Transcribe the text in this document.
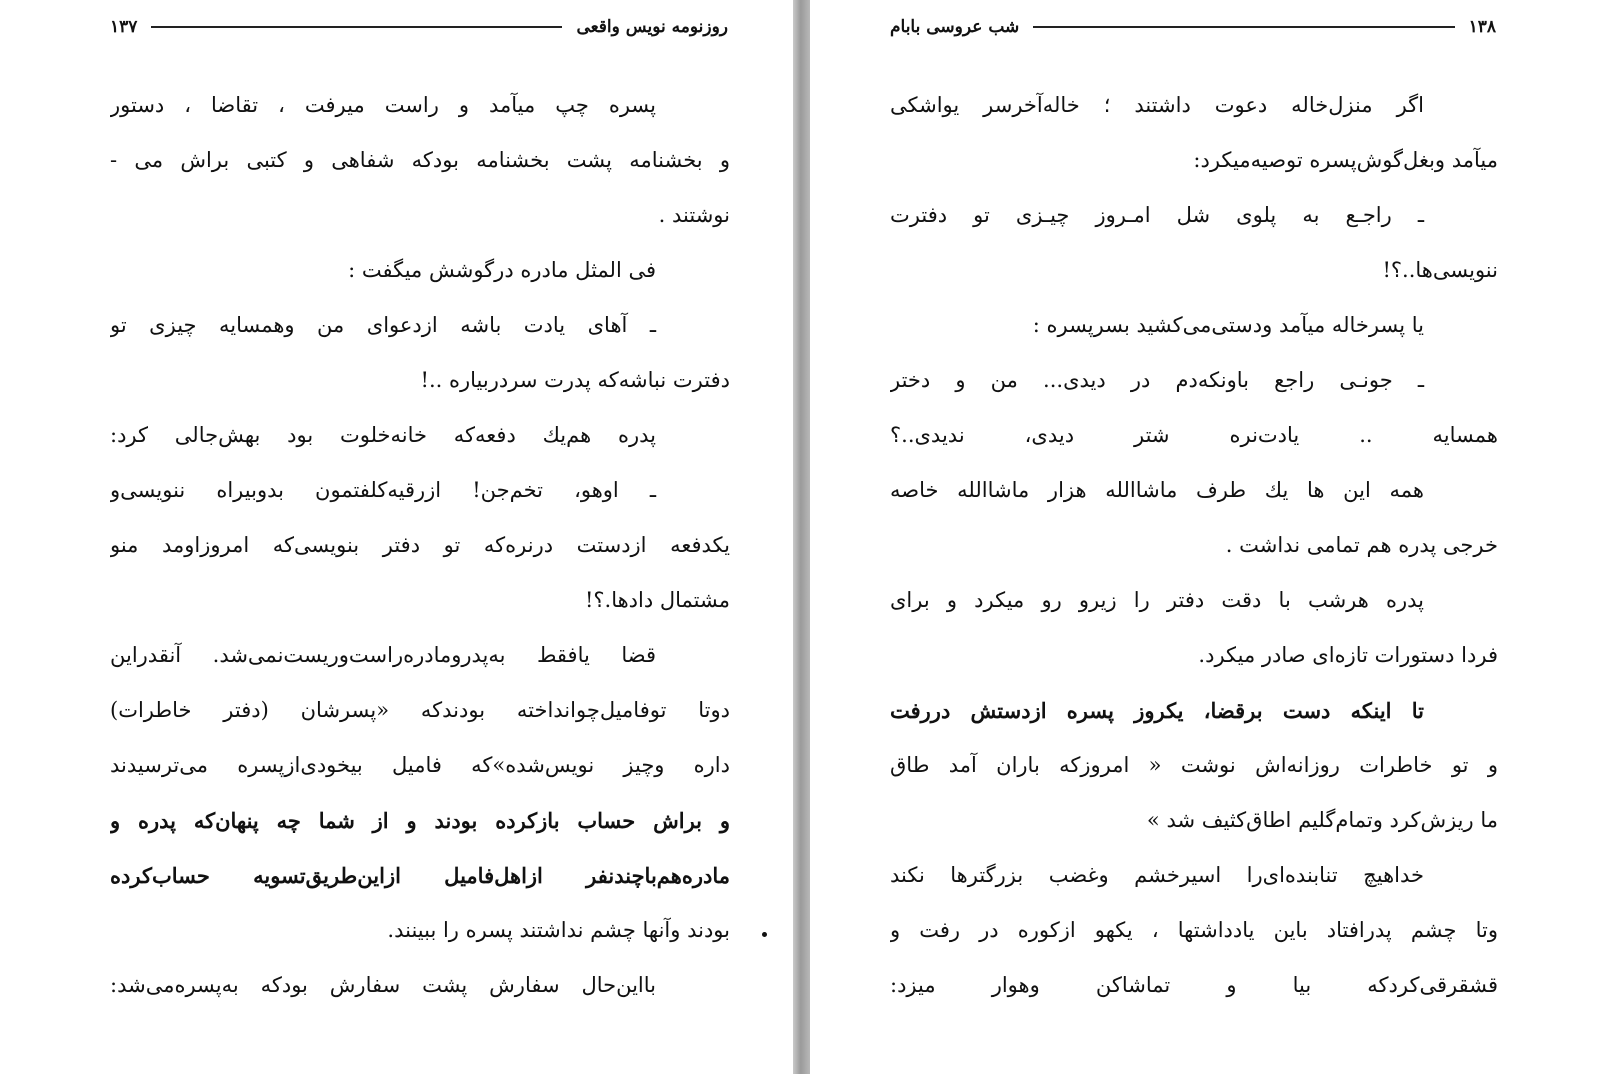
روزنومه نویس واقعی
۱۳۷
پسره چپ میآمد و راست میرفت ، تقاضا ، دستور
و بخشنامه پشت بخشنامه بودکه شفاهی و کتبی براش می -
نوشتند .
فی المثل مادره درگوشش میگفت :
ـ آهای یادت باشه ازدعوای من وهمسایه چیزی تو
دفترت نباشه‌که پدرت سردربیاره ..!
پدره هم‌یك دفعه‌که خانه‌خلوت بود بهش‌جالی کرد:
ـ اوهو، تخم‌جن! ازرقیه‌کلفتمون بدوبیراه ننویسی‌و
یکدفعه ازدستت درنره‌که تو دفتر بنویسی‌که امروزاومد منو
مشتمال دادها.؟!
قضا یافقط به‌پدرومادره‌راست‌وریست‌نمی‌شد. آنقدراین
دوتا توفامیل‌چوانداخته بودند‌که «پسرشان (دفتر خاطرات)
داره وچیز نویس‌شده»‌که فامیل بیخودی‌ازپسره می‌ترسیدند
و براش حساب بازکرده بودند و از شما چه پنهان‌که پدره و
مادره‌هم‌باچندنفر ازاهل‌فامیل ازاین‌طریق‌تسویه حساب‌کرده
بودند وآنها چشم نداشتند پسره را ببینند.
بااین‌حال سفارش پشت سفارش بودکه به‌پسره‌می‌شد:
۱۳۸
شب عروسی بابام
اگر منزل‌خاله دعوت داشتند ؛ خاله‌آخرسر یواشکی
میآمد وبغل‌گوش‌پسره توصیه‌میکرد:
ـ راجـع به پلوی شل امـروز چیـزی تو دفترت
ننویسی‌ها..؟!
یا پسرخاله میآمد ودستی‌می‌کشید بسرپسره :
ـ جونـی راجع باونکه‌دم در دیدی... من و دختر
همسایه .. یادت‌نره شتر دیدی، ندیدی..؟
همه این ها یك طرف ماشاالله هزار ماشاالله خاصه
خرجی پدره هم تمامی نداشت .
پدره هرشب با دقت دفتر را زیرو رو میکرد و برای
فردا دستورات تازه‌ای صادر میکرد.
تا اینکه دست برقضا، یکروز پسره ازدستش دررفت
و تو خاطرات روزانه‌اش نوشت « امروزکه باران آمد طاق
ما ریزش‌کرد وتمام‌گلیم اطاق‌کثیف شد »
خداهیچ تنابنده‌ای‌را اسیرخشم وغضب بزرگترها نکند
وتا چشم پدرافتاد باین یادداشتها ، یکهو ازکوره در رفت و
قشقرقی‌کردکه بیا و تماشاکن وهوار میزد:
